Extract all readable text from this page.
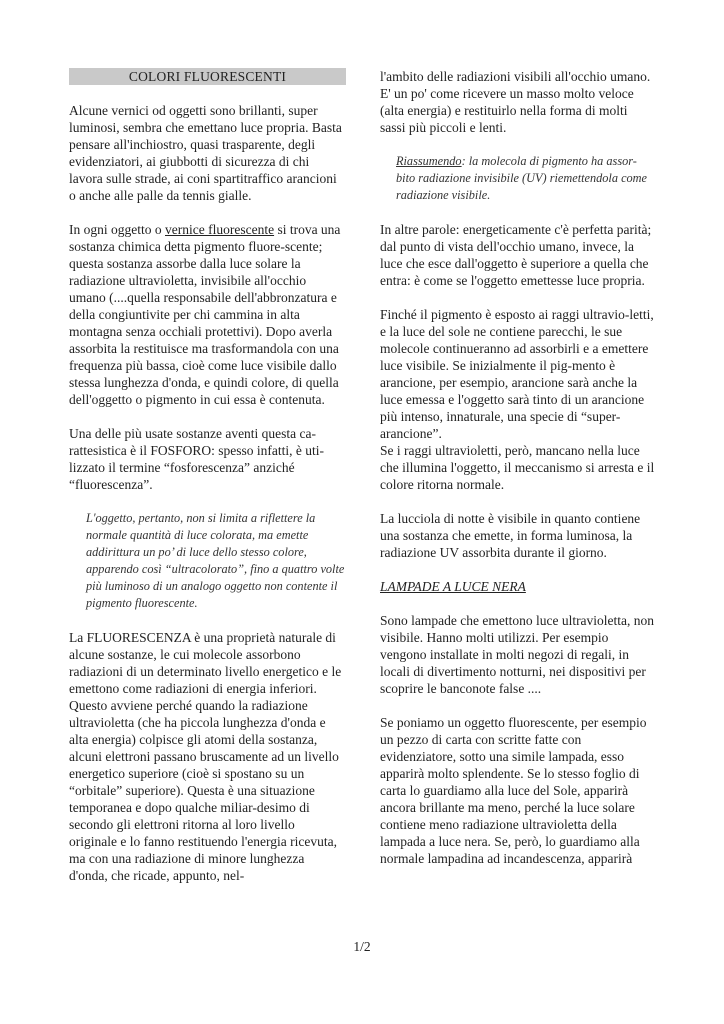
COLORI FLUORESCENTI

Alcune vernici od oggetti sono brillanti, super luminosi, sembra che emettano luce propria. Basta pensare all'inchiostro, quasi trasparente, degli evidenziatori, ai giubbotti di sicurezza di chi lavora sulle strade, ai coni spartitraffico arancioni o anche alle palle da tennis gialle.

In ogni oggetto o vernice fluorescente si trova una sostanza chimica detta pigmento fluore-scente; questa sostanza assorbe dalla luce solare la radiazione ultravioletta, invisibile all'occhio umano (....quella responsabile dell'abbronzatura e della congiuntivite per chi cammina in alta montagna senza occhiali protettivi). Dopo averla assorbita la restituisce ma trasformandola con una frequenza più bassa, cioè come luce visibile dallo stessa lunghezza d'onda, e quindi colore, di quella dell'oggetto o pigmento in cui essa è contenuta.

Una delle più usate sostanze aventi questa ca-rattesistica è il FOSFORO: spesso infatti, è uti-lizzato il termine “fosforescenza” anziché “fluorescenza”.

L'oggetto, pertanto, non si limita a riflettere la normale quantità di luce colorata, ma emette addirittura un po’ di luce dello stesso colore, apparendo così “ultracolorato”, fino a quattro volte più luminoso di un analogo oggetto non contente il pigmento fluorescente.

La FLUORESCENZA è una proprietà naturale di alcune sostanze, le cui molecole assorbono radiazioni di un determinato livello energetico e le emettono come radiazioni di energia inferiori. Questo avviene perché quando la radiazione ultravioletta (che ha piccola lunghezza d'onda e alta energia) colpisce gli atomi della sostanza, alcuni elettroni passano bruscamente ad un livello energetico superiore (cioè si spostano su un “orbitale” superiore). Questa è una situazione temporanea e dopo qualche miliar-desimo di secondo gli elettroni ritorna al loro livello originale e lo fanno restituendo l'energia ricevuta, ma con una radiazione di minore lunghezza d'onda, che ricade, appunto, nel-

l'ambito delle radiazioni visibili all'occhio umano.

E' un po' come ricevere un masso molto veloce (alta energia) e restituirlo nella forma di molti sassi più piccoli e lenti.

Riassumendo: la molecola di pigmento ha assor-bito radiazione invisibile (UV) riemettendola come radiazione visibile.

In altre parole: energeticamente c'è perfetta parità; dal punto di vista dell'occhio umano, invece, la luce che esce dall'oggetto è superiore a quella che entra: è come se l'oggetto emettesse luce propria.

Finché il pigmento è esposto ai raggi ultravio-letti, e la luce del sole ne contiene parecchi, le sue molecole continueranno ad assorbirli e a emettere luce visibile. Se inizialmente il pig-mento è arancione, per esempio, arancione sarà anche la luce emessa e l'oggetto sarà tinto di un arancione più intenso, innaturale, una specie di “super-arancione”.

Se i raggi ultravioletti, però, mancano nella luce che illumina l'oggetto, il meccanismo si arresta e il colore ritorna normale.

La lucciola di notte è visibile in quanto contiene una sostanza che emette, in forma luminosa, la radiazione UV assorbita durante il giorno.

LAMPADE A LUCE NERA

Sono lampade che emettono luce ultravioletta, non visibile. Hanno molti utilizzi. Per esempio vengono installate in molti negozi di regali, in locali di divertimento notturni, nei dispositivi per scoprire le banconote false ....

Se poniamo un oggetto fluorescente, per esempio un pezzo di carta con scritte fatte con evidenziatore, sotto una simile lampada, esso apparirà molto splendente. Se lo stesso foglio di carta lo guardiamo alla luce del Sole, apparirà ancora brillante ma meno, perché la luce solare contiene meno radiazione ultravioletta della lampada a luce nera. Se, però, lo guardiamo alla normale lampadina ad incandescenza, apparirà

1/2
